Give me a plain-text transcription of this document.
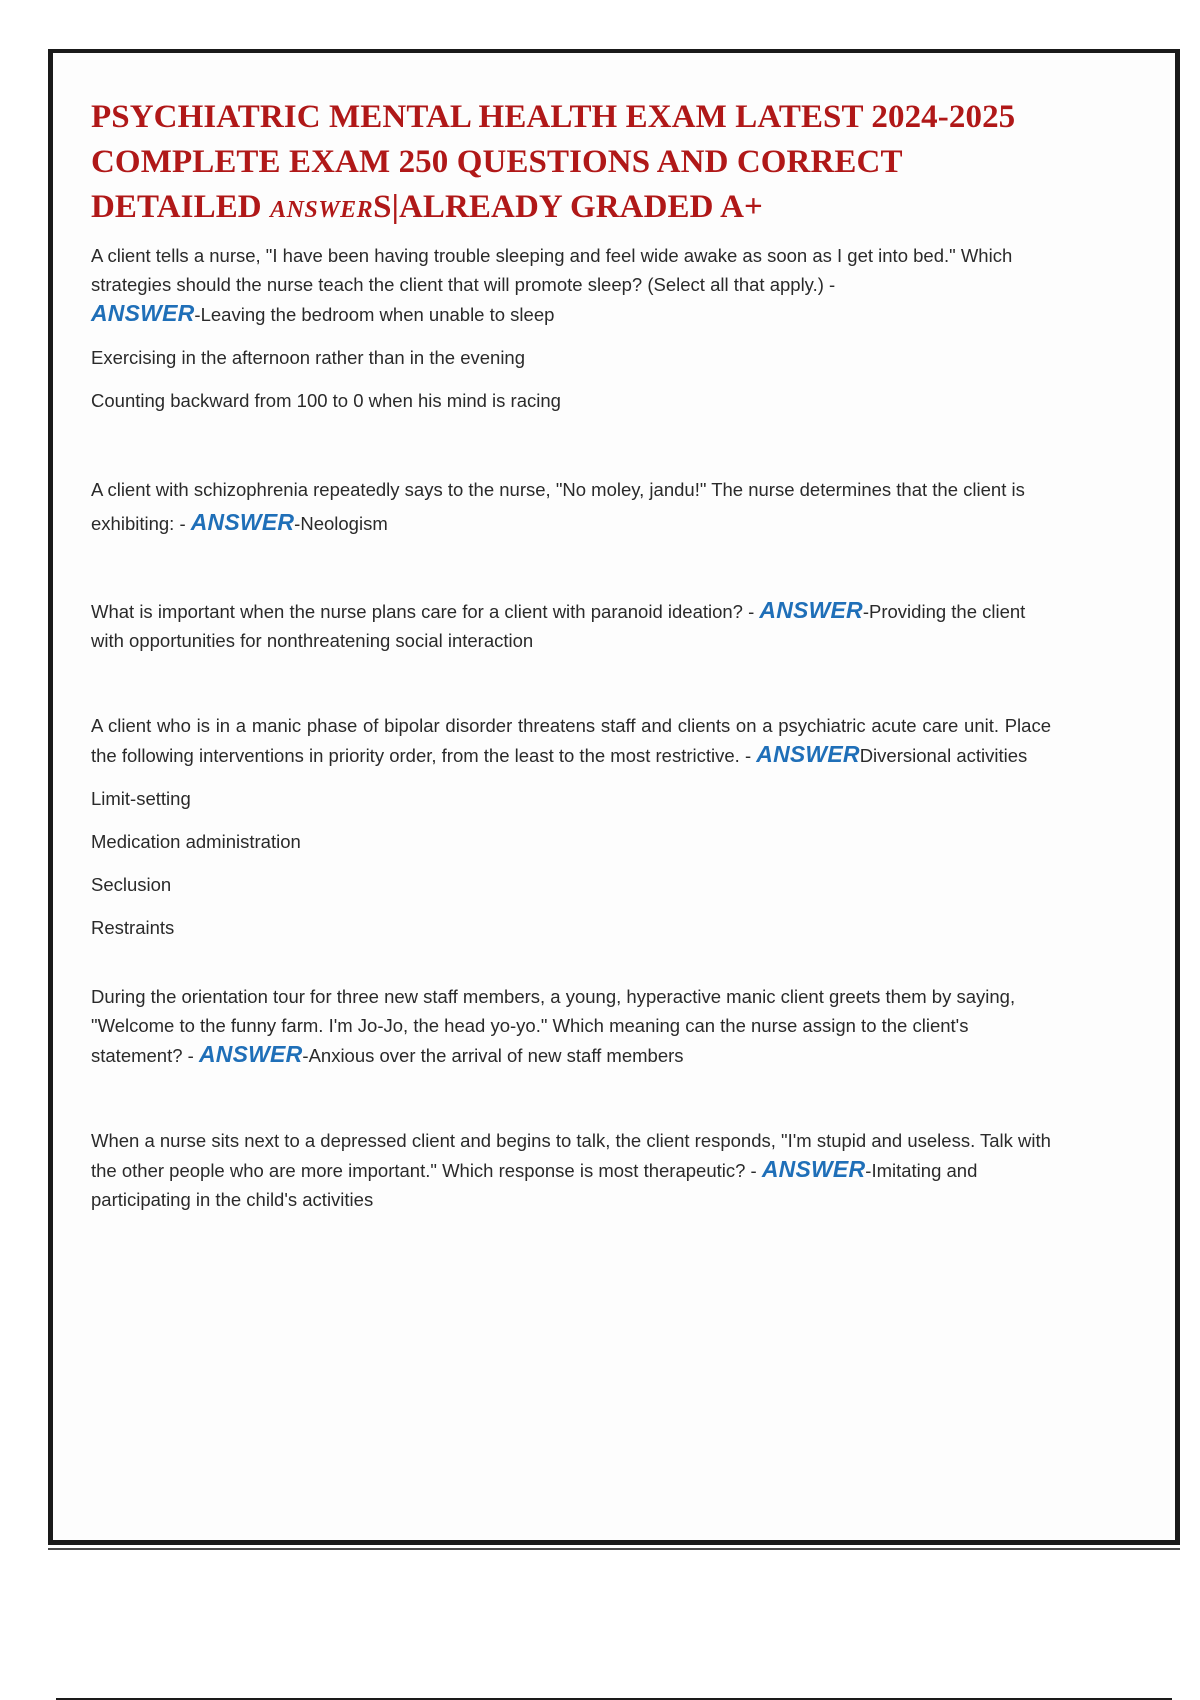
PSYCHIATRIC MENTAL HEALTH EXAM LATEST 2024-2025 COMPLETE EXAM 250 QUESTIONS AND CORRECT DETAILED ANSWERS|ALREADY GRADED A+

A client tells a nurse, "I have been having trouble sleeping and feel wide awake as soon as I get into bed." Which strategies should the nurse teach the client that will promote sleep? (Select all that apply.) -
ANSWER-Leaving the bedroom when unable to sleep

Exercising in the afternoon rather than in the evening

Counting backward from 100 to 0 when his mind is racing

A client with schizophrenia repeatedly says to the nurse, "No moley, jandu!" The nurse determines that the client is exhibiting: - ANSWER-Neologism

What is important when the nurse plans care for a client with paranoid ideation? - ANSWER-Providing the client with opportunities for nonthreatening social interaction

A client who is in a manic phase of bipolar disorder threatens staff and clients on a psychiatric acute care unit. Place the following interventions in priority order, from the least to the most restrictive. - ANSWERDiversional activities

Limit-setting

Medication administration

Seclusion

Restraints

During the orientation tour for three new staff members, a young, hyperactive manic client greets them by saying, "Welcome to the funny farm. I'm Jo-Jo, the head yo-yo." Which meaning can the nurse assign to the client's statement? - ANSWER-Anxious over the arrival of new staff members

When a nurse sits next to a depressed client and begins to talk, the client responds, "I'm stupid and useless. Talk with the other people who are more important." Which response is most therapeutic? - ANSWER-Imitating and participating in the child's activities
